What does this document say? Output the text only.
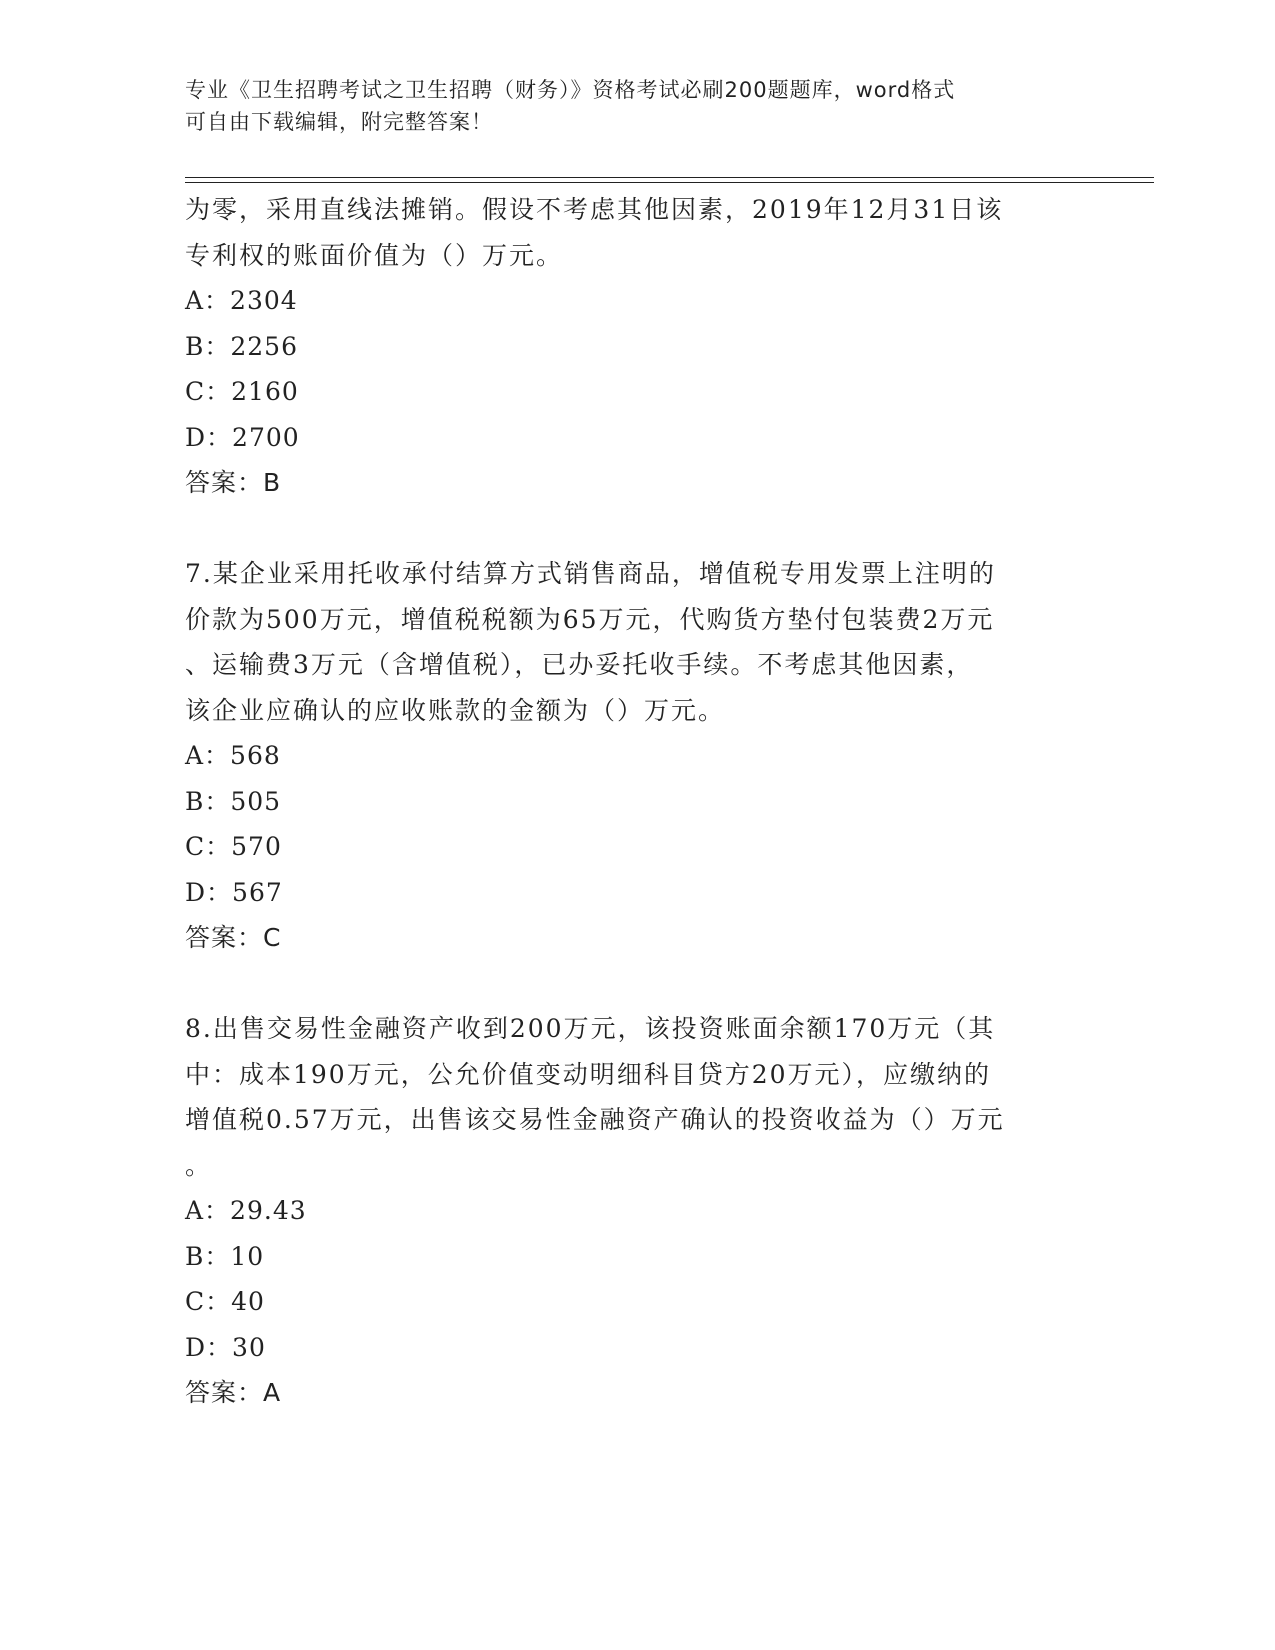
专业《卫生招聘考试之卫生招聘（财务）》资格考试必刷200题题库，word格式
可自由下载编辑，附完整答案！
为零，采用直线法摊销。假设不考虑其他因素，2019年12月31日该
专利权的账面价值为（）万元。
A：2304
B：2256
C：2160
D：2700
答案：B
7.某企业采用托收承付结算方式销售商品，增值税专用发票上注明的
价款为500万元，增值税税额为65万元，代购货方垫付包装费2万元
、运输费3万元（含增值税），已办妥托收手续。不考虑其他因素，
该企业应确认的应收账款的金额为（）万元。
A：568
B：505
C：570
D：567
答案：C
8.出售交易性金融资产收到200万元，该投资账面余额170万元（其
中：成本190万元，公允价值变动明细科目贷方20万元），应缴纳的
增值税0.57万元，出售该交易性金融资产确认的投资收益为（）万元
。
A：29.43
B：10
C：40
D：30
答案：A
